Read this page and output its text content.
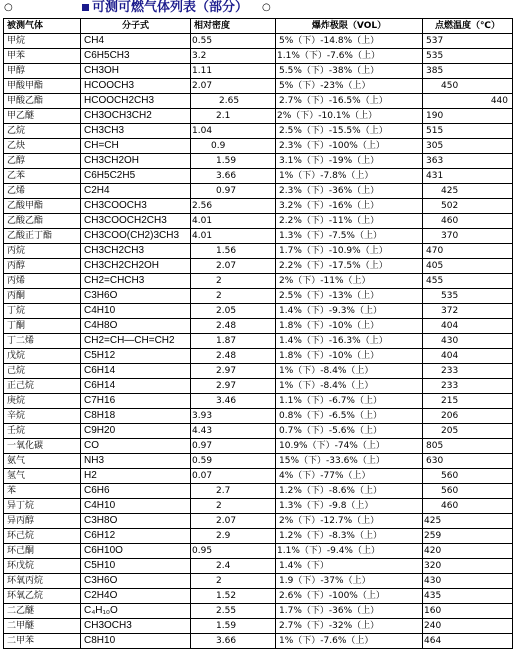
○	可测可燃气体列表（部分） ○
被测气体	分子式	相对密度	爆炸极限（VOL）	点燃温度（℃）
甲烷	CH4	0.55	5%（下）-14.8%（上）	537
甲苯	C6H5CH3	3.2	1.1%（下）-7.6%（上）	535
甲醇	CH3OH	1.11	5.5%（下）-38%（上）	385
甲酸甲酯	HCOOCH3	2.07	5%（下）-23%（上）	450
甲酸乙酯	HCOOCH2CH3	2.65	2.7%（下）-16.5%（上）	440
甲乙醚	CH3OCH3CH2	2.1	2%（下）-10.1%（上）	190
乙烷	CH3CH3	1.04	2.5%（下）-15.5%（上）	515
乙炔	CH=CH	0.9	2.3%（下）-100%（上）	305
乙醇	CH3CH2OH	1.59	3.1%（下）-19%（上）	363
乙苯	C6H5C2H5	3.66	1%（下）-7.8%（上）	431
乙烯	C2H4	0.97	2.3%（下）-36%（上）	425
乙酸甲酯	CH3COOCH3	2.56	3.2%（下）-16%（上）	502
乙酸乙酯	CH3COOCH2CH3	4.01	2.2%（下）-11%（上）	460
乙酸正丁酯	CH3COO(CH2)3CH3	4.01	1.3%（下）-7.5%（上）	370
丙烷	CH3CH2CH3	1.56	1.7%（下）-10.9%（上）	470
丙醇	CH3CH2CH2OH	2.07	2.2%（下）-17.5%（上）	405
丙烯	CH2=CHCH3	2	2%（下）-11%（上）	455
丙酮	C3H6O	2	2.5%（下）-13%（上）	535
丁烷	C4H10	2.05	1.4%（下）-9.3%（上）	372
丁酮	C4H8O	2.48	1.8%（下）-10%（上）	404
丁二烯	CH2=CH—CH=CH2	1.87	1.4%（下）-16.3%（上）	430
戊烷	C5H12	2.48	1.8%（下）-10%（上）	404
己烷	C6H14	2.97	1%（下）-8.4%（上）	233
正己烷	C6H14	2.97	1%（下）-8.4%（上）	233
庚烷	C7H16	3.46	1.1%（下）-6.7%（上）	215
辛烷	C8H18	3.93	0.8%（下）-6.5%（上）	206
壬烷	C9H20	4.43	0.7%（下）-5.6%（上）	205
一氧化碳	CO	0.97	10.9%（下）-74%（上）	805
氨气	NH3	0.59	15%（下）-33.6%（上）	630
氢气	H2	0.07	4%（下）-77%（上）	560
苯	C6H6	2.7	1.2%（下）-8.6%（上）	560
异丁烷	C4H10	2	1.3%（下）-9.8（上）	460
异丙醇	C3H8O	2.07	2%（下）-12.7%（上）	425
环己烷	C6H12	2.9	1.2%（下）-8.3%（上）	259
环己酮	C6H10O	0.95	1.1%（下）-9.4%（上）	420
环戊烷	C5H10	2.4	1.4%（下）	320
环氧丙烷	C3H6O	2	1.9（下）-37%（上）	430
环氧乙烷	C2H4O	1.52	2.6%（下）-100%（上）	435
二乙醚	C₄H₁₀O	2.55	1.7%（下）-36%（上）	160
二甲醚	CH3OCH3	1.59	2.7%（下）-32%（上）	240
二甲苯	C8H10	3.66	1%（下）-7.6%（上）	464
